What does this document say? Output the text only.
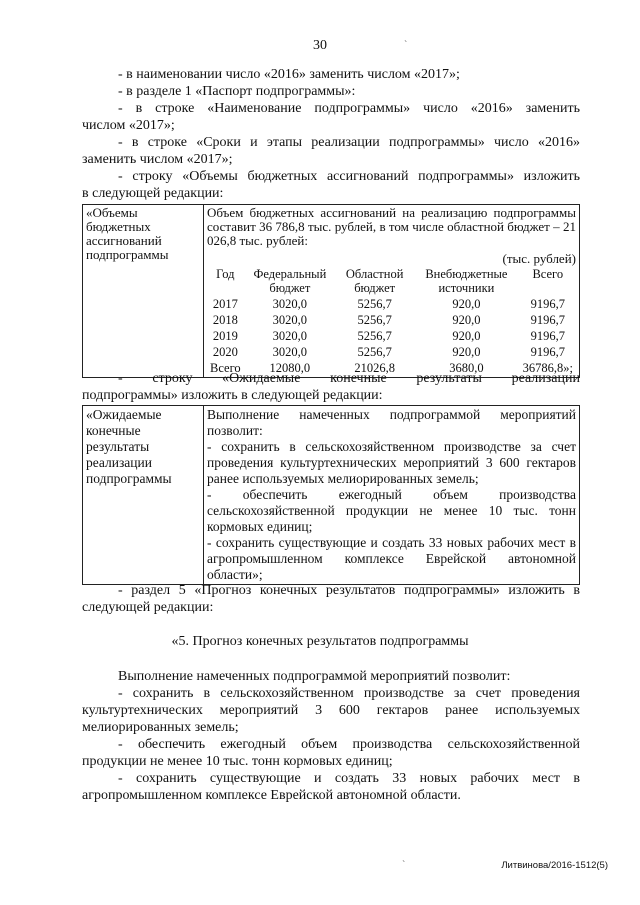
30

- в наименовании число «2016» заменить числом «2017»;

- в разделе 1 «Паспорт подпрограммы»:

- в строке «Наименование подпрограммы» число «2016» заменить

числом «2017»;

- в строке «Сроки и этапы реализации подпрограммы» число «2016»

заменить числом «2017»;

- строку «Объемы бюджетных ассигнований подпрограммы» изложить

в следующей редакции:

«Объемы бюджетных ассигнований подпрограммы	
Объем бюджетных ассигнований на реализацию подпрограммы составит 36 786,8 тыс. рублей, в том числе областной бюджет – 21 026,8 тыс. рублей:
(тыс. рублей)
Год	Федеральный бюджет	Областной бюджет	Внебюджетные источники	Всего
2017	3020,0	5256,7	920,0	9196,7
2018	3020,0	5256,7	920,0	9196,7
2019	3020,0	5256,7	920,0	9196,7
2020	3020,0	5256,7	920,0	9196,7
Всего	12080,0	21026,8	3680,0	36786,8»;

- строку «Ожидаемые конечные результаты реализации

подпрограммы» изложить в следующей редакции:

«Ожидаемые конечные результаты реализации подпрограммы	
Выполнение намеченных подпрограммой мероприятий позволит:
- сохранить в сельскохозяйственном производстве за счет проведения культуртехнических мероприятий 3 600 гектаров ранее используемых мелиорированных земель;
- обеспечить ежегодный объем производства сельскохозяйственной продукции не менее 10 тыс. тонн кормовых единиц;
- сохранить существующие и создать 33 новых рабочих мест в агропромышленном комплексе Еврейской автономной области»;

- раздел 5 «Прогноз конечных результатов подпрограммы» изложить в

следующей редакции:

«5. Прогноз конечных результатов подпрограммы

Выполнение намеченных подпрограммой мероприятий позволит:

- сохранить в сельскохозяйственном производстве за счет проведения культуртехнических мероприятий 3 600 гектаров ранее используемых мелиорированных земель;

- обеспечить ежегодный объем производства сельскохозяйственной продукции не менее 10 тыс. тонн кормовых единиц;

- сохранить существующие и создать 33 новых рабочих мест в агропромышленном комплексе Еврейской автономной области.

Литвинова/2016-1512(5)
`
`
